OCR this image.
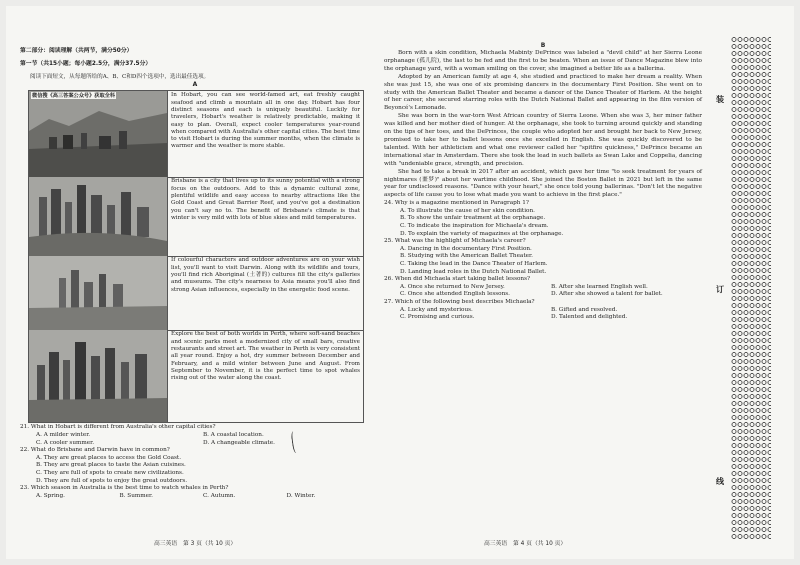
第二部分：阅读理解（共两节，满分50分）

第一节（共15小题；每小题2.5分，满分37.5分）

阅读下面短文，从每题所给的A、B、C和D四个选项中，选出最佳选项。

A
微信搜《高三答案公众号》获取全科	In Hobart, you can see world-famed art, eat freshly caught seafood and climb a mountain all in one day. Hobart has four distinct seasons and each is uniquely beautiful. Luckily for travelers, Hobart's weather is relatively predictable, making it easy to plan. Overall, expect cooler temperatures year-round when compared with Australia's other capital cities. The best time to visit Hobart is during the summer months, when the climate is warmer and the weather is more stable.
Brisbane is a city that lives up to its sunny potential with a strong focus on the outdoors. Add to this a dynamic cultural zone, plentiful wildlife and easy access to nearby attractions like the Gold Coast and Great Barrier Reef, and you've got a destination you can't say no to. The benefit of Brisbane's climate is that winter is very mild with lots of blue skies and mild temperatures.
If colourful characters and outdoor adventures are on your wish list, you'll want to visit Darwin. Along with its wildlife and tours, you'll find rich Aboriginal (土著的) cultures fill the city's galleries and museums. The city's nearness to Asia means you'll also find strong Asian influences, especially in the energetic food scene.
Explore the best of both worlds in Perth, where soft-sand beaches and scenic parks meet a modernized city of small bars, creative restaurants and street art. The weather in Perth is very consistent all year round. Enjoy a hot, dry summer between December and February, and a mild winter between June and August. From September to November, it is the perfect time to spot whales rising out of the water along the coast.

21. What in Hobart is different from Australia's other capital cities?

A. A milder winter.	B. A coastal location.
C. A cooler summer.	D. A changeable climate.

22. What do Brisbane and Darwin have in common?

A. They are great places to access the Gold Coast.

B. They are great places to taste the Asian cuisines.

C. They are full of spots to create new civilizations.

D. They are full of spots to enjoy the great outdoors.

23. Which season in Australia is the best time to watch whales in Perth?

A. Spring.	B. Summer.	C. Autumn.	D. Winter.
高三英语　第 3 页（共 10 页）
B

Born with a skin condition, Michaela Mabinty DePrince was labeled a "devil child" at her Sierra Leone orphanage (孤儿院), the last to be fed and the first to be beaten. When an issue of Dance Magazine blew into the orphanage yard, with a woman smiling on the cover, she imagined a better life as a ballerina.

Adopted by an American family at age 4, she studied and practiced to make her dream a reality. When she was just 15, she was one of six promising dancers in the documentary First Position. She went on to study with the American Ballet Theater and became a dancer of the Dance Theater of Harlem. At the height of her career, she secured starring roles with the Dutch National Ballet and appearing in the film version of Beyoncé's Lemonade.

She was born in the war-torn West African country of Sierra Leone. When she was 3, her miner father was killed and her mother died of hunger. At the orphanage, she took to turning around quickly and standing on the tips of her toes, and the DePrinces, the couple who adopted her and brought her back to New Jersey, promised to take her to ballet lessons once she excelled in English. She was quickly discovered to be talented. With her athleticism and what one reviewer called her "spitfire quickness," DePrince became an international star in Amsterdam. There she took the lead in such ballets as Swan Lake and Coppelia, dancing with "undeniable grace, strength, and precision.

She had to take a break in 2017 after an accident, which gave her time "to seek treatment for years of nightmares (噩梦)" about her wartime childhood. She joined the Boston Ballet in 2021 but left in the same year for undisclosed reasons. "Dance with your heart," she once told young ballerinas. "Don't let the negative aspects of life cause you to lose what made you want to achieve in the first place."

24. Why is a magazine mentioned in Paragraph 1?

A. To illustrate the cause of her skin condition.

B. To show the unfair treatment at the orphanage.

C. To indicate the inspiration for Michaela's dream.

D. To explain the variety of magazines at the orphanage.

25. What was the highlight of Michaela's career?

A. Dancing in the documentary First Position.

B. Studying with the American Ballet Theater.

C. Taking the lead in the Dance Theater of Harlem.

D. Landing lead roles in the Dutch National Ballet.

26. When did Michaela start taking ballet lessons?

A. Once she returned to New Jersey.	B. After she learned English well.
C. Once she attended English lessons.	D. After she showed a talent for ballet.

27. Which of the following best describes Michaela?

A. Lucky and mysterious.	B. Gifted and resolved.
C. Promising and curious.	D. Talented and delighted.
高三英语　第 4 页（共 10 页）
装
订
线
